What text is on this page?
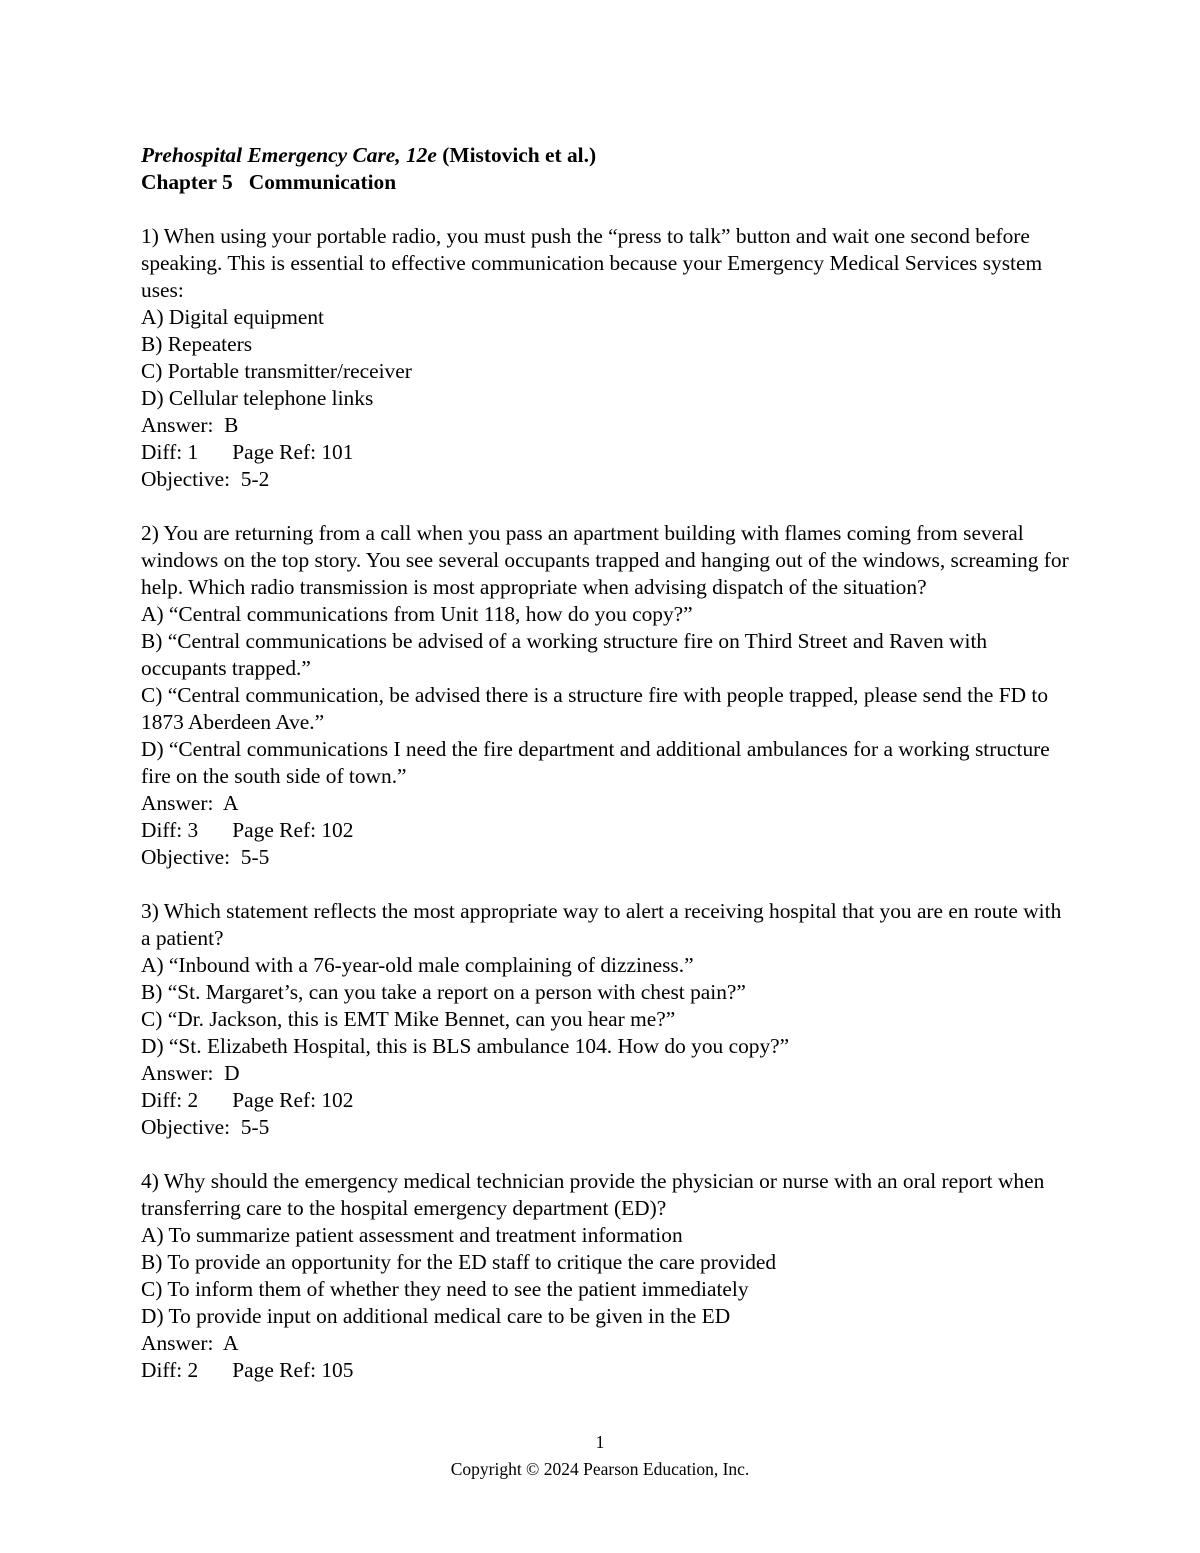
Prehospital Emergency Care, 12e (Mistovich et al.)

Chapter 5   Communication

1) When using your portable radio, you must push the “press to talk” button and wait one second before speaking. This is essential to effective communication because your Emergency Medical Services system uses:

A) Digital equipment

B) Repeaters

C) Portable transmitter/receiver

D) Cellular telephone links

Answer:  B

Diff: 1 Page Ref: 101

Objective:  5-2

2) You are returning from a call when you pass an apartment building with flames coming from several windows on the top story. You see several occupants trapped and hanging out of the windows, screaming for help. Which radio transmission is most appropriate when advising dispatch of the situation?

A) “Central communications from Unit 118, how do you copy?”

B) “Central communications be advised of a working structure fire on Third Street and Raven with occupants trapped.”

C) “Central communication, be advised there is a structure fire with people trapped, please send the FD to 1873 Aberdeen Ave.”

D) “Central communications I need the fire department and additional ambulances for a working structure fire on the south side of town.”

Answer:  A

Diff: 3 Page Ref: 102

Objective:  5-5

3) Which statement reflects the most appropriate way to alert a receiving hospital that you are en route with a patient?

A) “Inbound with a 76-year-old male complaining of dizziness.”

B) “St. Margaret’s, can you take a report on a person with chest pain?”

C) “Dr. Jackson, this is EMT Mike Bennet, can you hear me?”

D) “St. Elizabeth Hospital, this is BLS ambulance 104. How do you copy?”

Answer:  D

Diff: 2 Page Ref: 102

Objective:  5-5

4) Why should the emergency medical technician provide the physician or nurse with an oral report when transferring care to the hospital emergency department (ED)?

A) To summarize patient assessment and treatment information

B) To provide an opportunity for the ED staff to critique the care provided

C) To inform them of whether they need to see the patient immediately

D) To provide input on additional medical care to be given in the ED

Answer:  A

Diff: 2 Page Ref: 105

1
Copyright © 2024 Pearson Education, Inc.
